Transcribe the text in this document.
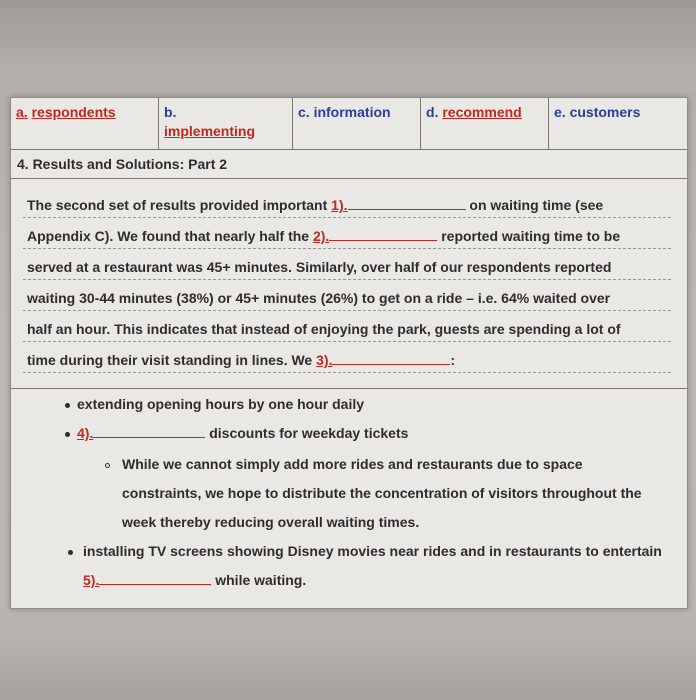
a. respondents	b.
implementing
c. information	d. recommend	e. customers
4. Results and Solutions: Part 2
The second set of results provided important 1).	on waiting time (see
Appendix C). We found that nearly half the 2).	reported waiting time to be
served at a restaurant was 45+ minutes. Similarly, over half of our respondents reported
waiting 30-44 minutes (38%) or 45+ minutes (26%) to get on a ride – i.e. 64% waited over
half an hour. This indicates that instead of enjoying the park, guests are spending a lot of
time during their visit standing in lines. We 3).	:
extending opening hours by one hour daily
4).	discounts for weekday tickets
While we cannot simply add more rides and restaurants due to space
constraints, we hope to distribute the concentration of visitors throughout the
week thereby reducing overall waiting times.
installing TV screens showing Disney movies near rides and in restaurants to entertain
5).	while waiting.
